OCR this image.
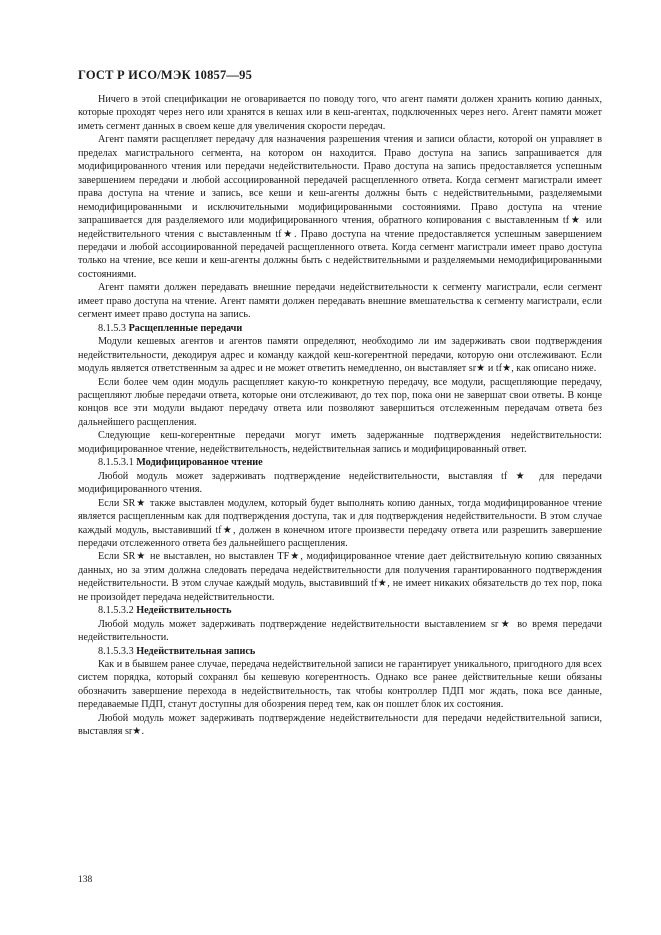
ГОСТ Р ИСО/МЭК 10857—95

Ничего в этой спецификации не оговаривается по поводу того, что агент памяти должен хранить копию данных, которые проходят через него или хранятся в кешах или в кеш-агентах, подключенных через него. Агент памяти может иметь сегмент данных в своем кеше для увеличения скорости передач.

Агент памяти расщепляет передачу для назначения разрешения чтения и записи области, которой он управляет в пределах магистрального сегмента, на котором он находится. Право доступа на запись запрашивается для модифицированного чтения или передачи недействительности. Право доступа на запись предоставляется успешным завершением передачи и любой ассоциированной передачей расщепленного ответа. Когда сегмент магистрали имеет права доступа на чтение и запись, все кеши и кеш-агенты должны быть с недействительными, разделяемыми немодифицированными и исключительными модифицированными состояниями. Право доступа на чтение запрашивается для разделяемого или модифицированного чтения, обратного копирования с выставленным tf★ или недействительного чтения с выставленным tf★. Право доступа на чтение предоставляется успешным завершением передачи и любой ассоциированной передачей расщепленного ответа. Когда сегмент магистрали имеет право доступа только на чтение, все кеши и кеш-агенты должны быть с недействительными и разделяемыми немодифицированными состояниями.

Агент памяти должен передавать внешние передачи недействительности к сегменту магистрали, если сегмент имеет право доступа на чтение. Агент памяти должен передавать внешние вмешательства к сегменту магистрали, если сегмент имеет право доступа на запись.

8.1.5.3 Расщепленные передачи

Модули кешевых агентов и агентов памяти определяют, необходимо ли им задерживать свои подтверждения недействительности, декодируя адрес и команду каждой кеш-когерентной передачи, которую они отслеживают. Если модуль является ответственным за адрес и не может ответить немедленно, он выставляет sr★ и tf★, как описано ниже.

Если более чем один модуль расщепляет какую-то конкретную передачу, все модули, расщепляющие передачу, расщепляют любые передачи ответа, которые они отслеживают, до тех пор, пока они не завершат свои ответы. В конце концов все эти модули выдают передачу ответа или позволяют завершиться отслеженным передачам ответа без дальнейшего расщепления.

Следующие кеш-когерентные передачи могут иметь задержанные подтверждения недействительности: модифицированное чтение, недействительность, недействительная запись и модифицированный ответ.

8.1.5.3.1 Модифицированное чтение

Любой модуль может задерживать подтверждение недействительности, выставляя tf ★ для передачи модифицированного чтения.

Если SR★ также выставлен модулем, который будет выполнять копию данных, тогда модифицированное чтение является расщепленным как для подтверждения доступа, так и для подтверждения недействительности. В этом случае каждый модуль, выставивший tf★, должен в конечном итоге произвести передачу ответа или разрешить завершение передачи отслеженного ответа без дальнейшего расщепления.

Если SR★ не выставлен, но выставлен TF★, модифицированное чтение дает действительную копию связанных данных, но за этим должна следовать передача недействительности для получения гарантированного подтверждения недействительности. В этом случае каждый модуль, выставивший tf★, не имеет никаких обязательств до тех пор, пока не произойдет передача недействительности.

8.1.5.3.2 Недействительность

Любой модуль может задерживать подтверждение недействительности выставлением sr★ во время передачи недействительности.

8.1.5.3.3 Недействительная запись

Как и в бывшем ранее случае, передача недействительной записи не гарантирует уникального, пригодного для всех систем порядка, который сохранял бы кешевую когерентность. Однако все ранее действительные кеши обязаны обозначить завершение перехода в недействительность, так чтобы контроллер ПДП мог ждать, пока все данные, передаваемые ПДП, станут доступны для обозрения перед тем, как он пошлет блок их состояния.

Любой модуль может задерживать подтверждение недействительности для передачи недействительной записи, выставляя sr★.

138
